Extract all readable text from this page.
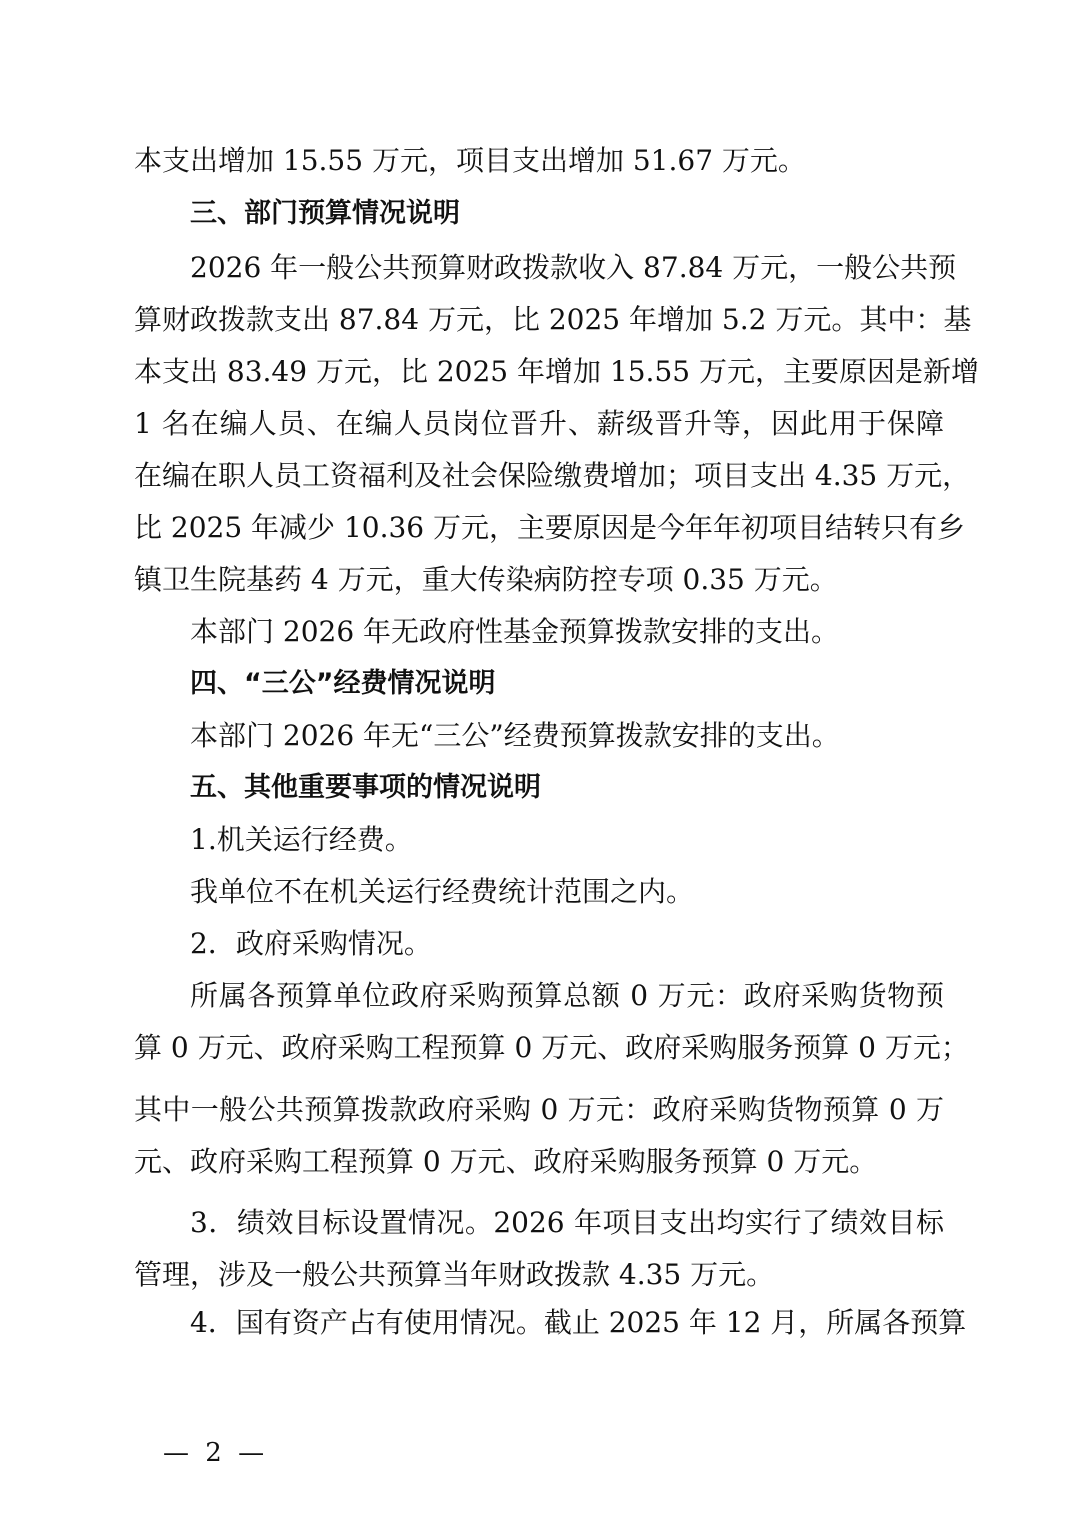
本支出增加 15.55 万元，项目支出增加 51.67 万元。
三、部门预算情况说明
2026 年一般公共预算财政拨款收入 87.84 万元，一般公共预
算财政拨款支出 87.84 万元，比 2025 年增加 5.2 万元。其中：基
本支出 83.49 万元，比 2025 年增加 15.55 万元，主要原因是新增
1 名在编人员、在编人员岗位晋升、薪级晋升等，因此用于保障
在编在职人员工资福利及社会保险缴费增加；项目支出 4.35 万元，
比 2025 年减少 10.36 万元，主要原因是今年年初项目结转只有乡
镇卫生院基药 4 万元，重大传染病防控专项 0.35 万元。
本部门 2026 年无政府性基金预算拨款安排的支出。
四、“三公”经费情况说明
本部门 2026 年无“三公”经费预算拨款安排的支出。
五、其他重要事项的情况说明
1.机关运行经费。
我单位不在机关运行经费统计范围之内。
2．政府采购情况。
所属各预算单位政府采购预算总额 0 万元：政府采购货物预
算 0 万元、政府采购工程预算 0 万元、政府采购服务预算 0 万元；
其中一般公共预算拨款政府采购 0 万元：政府采购货物预算 0 万
元、政府采购工程预算 0 万元、政府采购服务预算 0 万元。
3．绩效目标设置情况。2026 年项目支出均实行了绩效目标
管理，涉及一般公共预算当年财政拨款 4.35 万元。
4．国有资产占有使用情况。截止 2025 年 12 月，所属各预算
— 2 —
